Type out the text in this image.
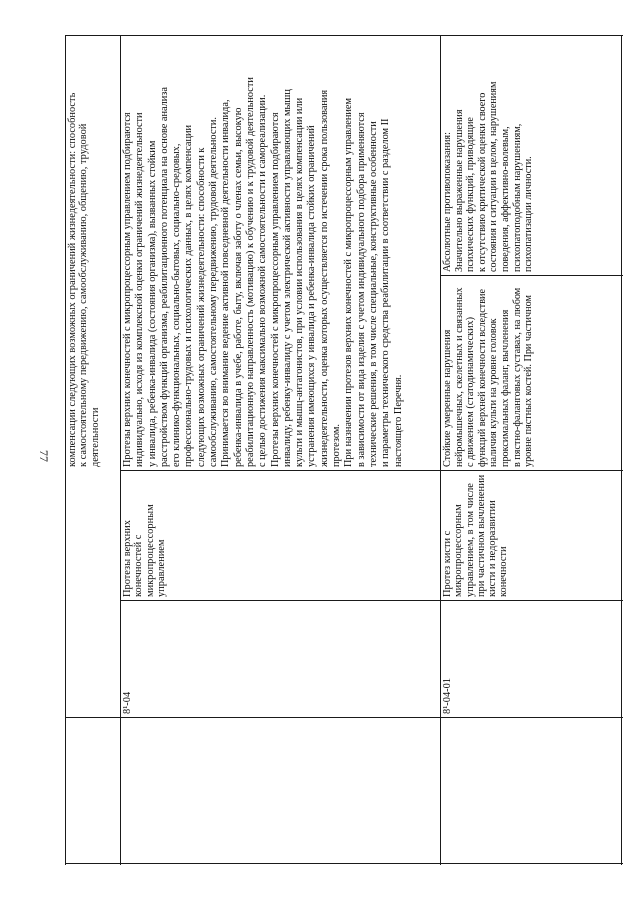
77 компенсации следующих возможных ограничений жизнедеятельности: способность
к самостоятельному передвижению, самообслуживанию, общению, трудовой
деятельности
8¹-04
Протезы верхних конечностей с микропроцессорным управлением
Протезы верхних конечностей с микропроцессорным управлением подбираются
индивидуально, исходя из комплексной оценки ограничений жизнедеятельности
у инвалида, ребенка-инвалида (состояния организма), вызванных стойким
расстройством функций организма, реабилитационного потенциала на основе анализа
его клинико-функциональных, социально-бытовых, социально-средовых,
профессионально-трудовых и психологических данных, в целях компенсации
следующих возможных ограничений жизнедеятельности: способности к
самообслуживанию, самостоятельному передвижению, трудовой деятельности.
Принимается во внимание ведение активной повседневной деятельности инвалида,
ребенка-инвалида в учебе, работе, быту, включая заботу о членах семьи, высокую
реабилитационную направленность (мотивацию) к обучению и к трудовой деятельности
с целью достижения максимально возможной самостоятельности и самореализации.
Протезы верхних конечностей с микропроцессорным управлением подбираются
инвалиду, ребенку-инвалиду с учетом электрической активности управляющих мышц
культи и мышц-антагонистов, при условии использования в целях компенсации или
устранения имеющихся у инвалида и ребенка-инвалида стойких ограничений
жизнедеятельности, оценка которых осуществляется по истечении срока пользования
протезом.
При назначении протезов верхних конечностей с микропроцессорным управлением
в зависимости от вида изделия с учетом индивидуального подбора применяются
технические решения, в том числе специальные, конструктивные особенности
и параметры технического средства реабилитации в соответствии с разделом II
настоящего Перечня.
8¹-04-01
Протез кисти с микропроцессорным управлением, в том числе при частичном вычленении кисти и недоразвитии конечности
Стойкие умеренные нарушения
нейромышечных, скелетных и связанных
с движением (статодинамических)
функций верхней конечности вследствие
наличия культи на уровне головок
проксимальных фаланг, вычленения
в пястно-фаланговых суставах, на любом
уровне пястных костей. При частичном
Абсолютные противопоказания:
Значительно выраженные нарушения
психических функций, приводящие
к отсутствию критической оценки своего
состояния и ситуации в целом, нарушениям
поведения, аффективно-волевым,
психопатоподобным нарушениям,
психопатизации личности.
